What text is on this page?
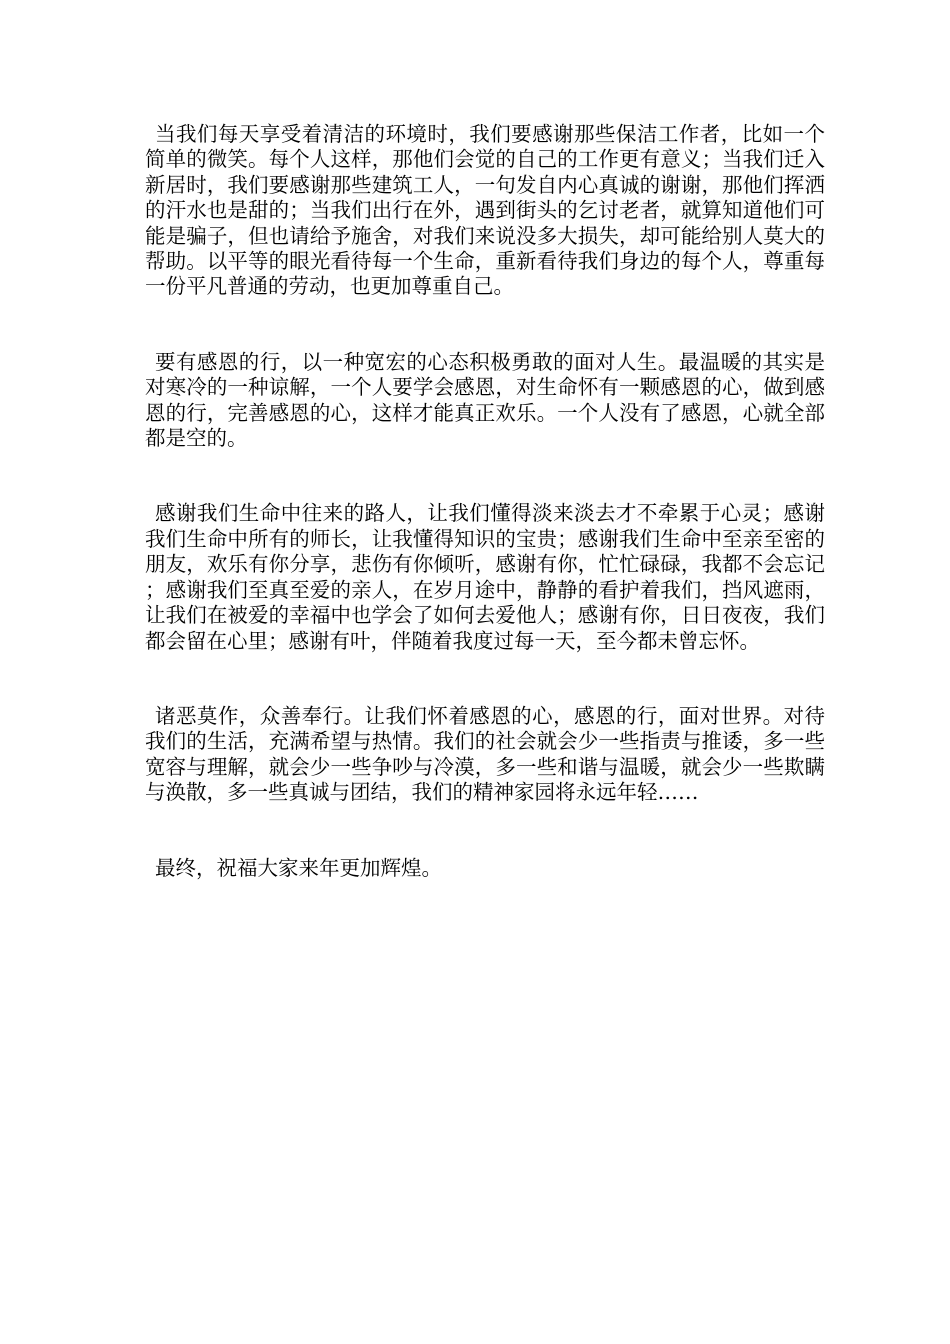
当我们每天享受着清洁的环境时，我们要感谢那些保洁工作者，比如一个简单的微笑。每个人这样，那他们会觉的自己的工作更有意义；当我们迁入新居时，我们要感谢那些建筑工人，一句发自内心真诚的谢谢，那他们挥洒的汗水也是甜的；当我们出行在外，遇到街头的乞讨老者，就算知道他们可能是骗子，但也请给予施舍，对我们来说没多大损失，却可能给别人莫大的帮助。以平等的眼光看待每一个生命，重新看待我们身边的每个人，尊重每一份平凡普通的劳动，也更加尊重自己。

要有感恩的行，以一种宽宏的心态积极勇敢的面对人生。最温暖的其实是对寒冷的一种谅解，一个人要学会感恩，对生命怀有一颗感恩的心，做到感恩的行，完善感恩的心，这样才能真正欢乐。一个人没有了感恩，心就全部都是空的。

感谢我们生命中往来的路人，让我们懂得淡来淡去才不牵累于心灵；感谢我们生命中所有的师长，让我懂得知识的宝贵；感谢我们生命中至亲至密的朋友，欢乐有你分享，悲伤有你倾听，感谢有你，忙忙碌碌，我都不会忘记；感谢我们至真至爱的亲人，在岁月途中，静静的看护着我们，挡风遮雨，让我们在被爱的幸福中也学会了如何去爱他人；感谢有你，日日夜夜，我们都会留在心里；感谢有叶，伴随着我度过每一天，至今都未曾忘怀。

诸恶莫作，众善奉行。让我们怀着感恩的心，感恩的行，面对世界。对待我们的生活，充满希望与热情。我们的社会就会少一些指责与推诿，多一些宽容与理解，就会少一些争吵与冷漠，多一些和谐与温暖，就会少一些欺瞒与涣散，多一些真诚与团结，我们的精神家园将永远年轻……

最终，祝福大家来年更加辉煌。
